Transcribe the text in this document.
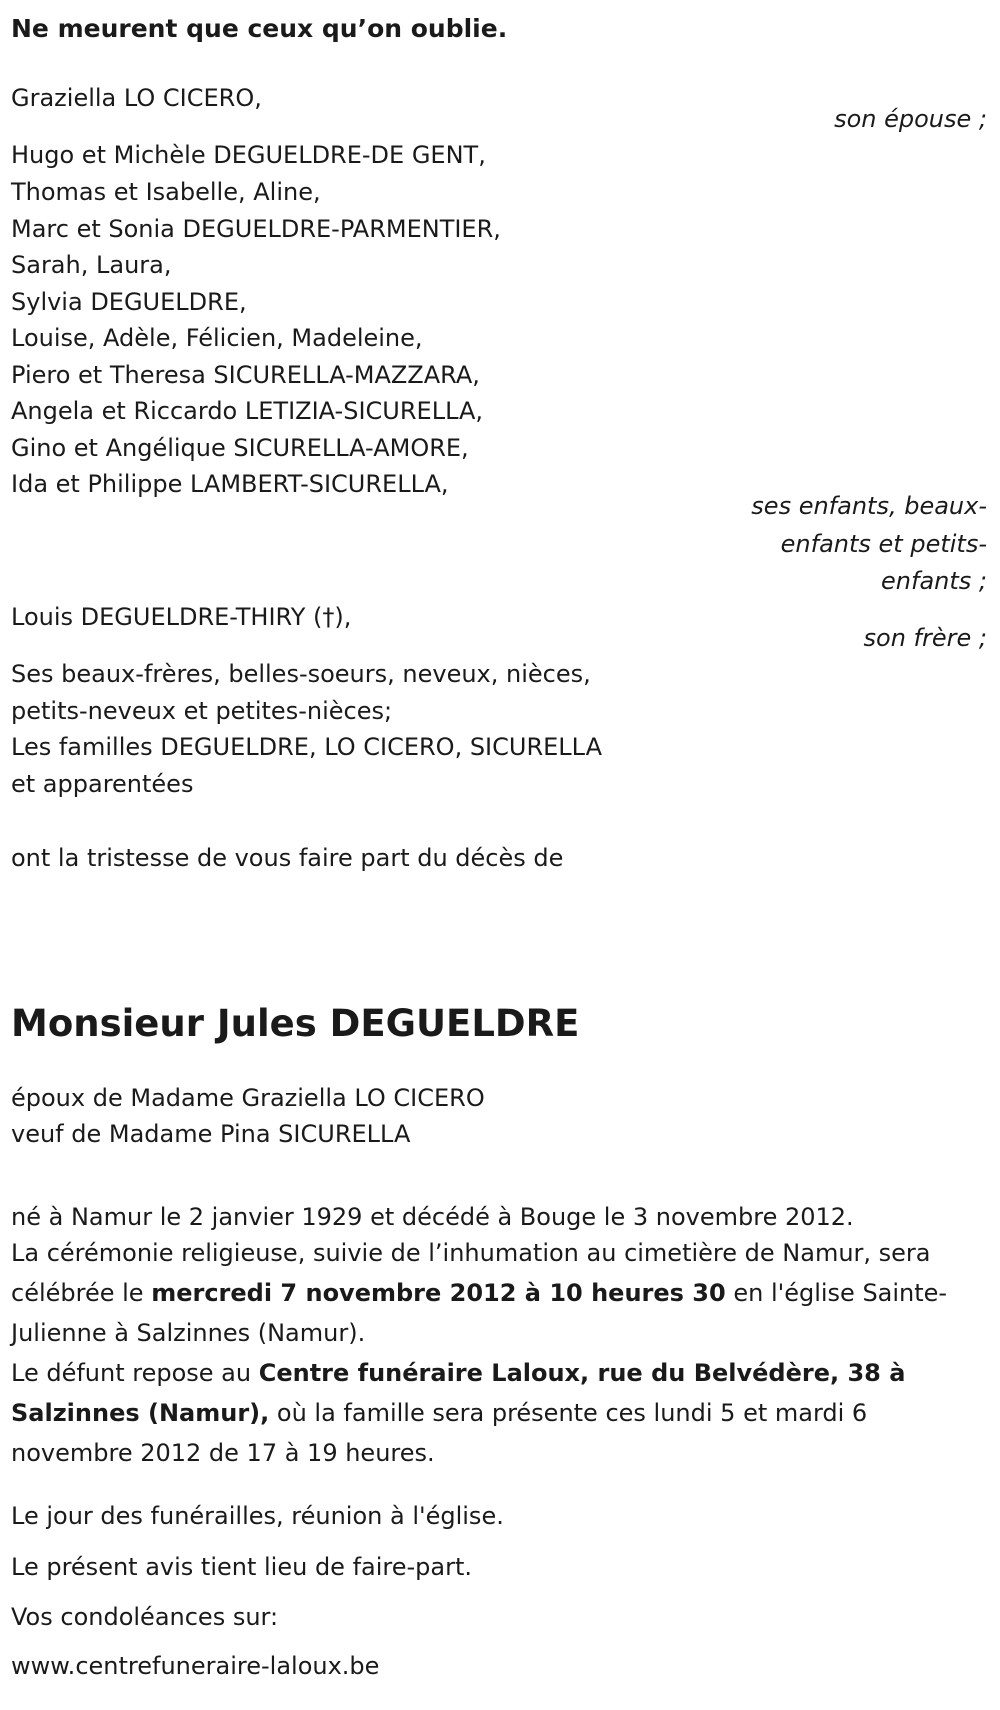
Ne meurent que ceux qu’on oublie.
Graziella LO CICERO,
son épouse ;
Hugo et Michèle DEGUELDRE-DE GENT,
Thomas et Isabelle, Aline,
Marc et Sonia DEGUELDRE-PARMENTIER,
Sarah, Laura,
Sylvia DEGUELDRE,
Louise, Adèle, Félicien, Madeleine,
Piero et Theresa SICURELLA-MAZZARA,
Angela et Riccardo LETIZIA-SICURELLA,
Gino et Angélique SICURELLA-AMORE,
Ida et Philippe LAMBERT-SICURELLA,
ses enfants, beaux-
enfants et petits-
enfants ;
Louis DEGUELDRE-THIRY (†),
son frère ;
Ses beaux-frères, belles-soeurs, neveux, nièces,
petits-neveux et petites-nièces;
Les familles DEGUELDRE, LO CICERO, SICURELLA
et apparentées
ont la tristesse de vous faire part du décès de
Monsieur Jules DEGUELDRE
époux de Madame Graziella LO CICERO
veuf de Madame Pina SICURELLA
né à Namur le 2 janvier 1929 et décédé à Bouge le 3 novembre 2012.
La cérémonie religieuse, suivie de l’inhumation au cimetière de Namur, sera célébrée le mercredi 7 novembre 2012 à 10 heures 30 en l'église Sainte-Julienne à Salzinnes (Namur).
Le défunt repose au Centre funéraire Laloux, rue du Belvédère, 38 à Salzinnes (Namur), où la famille sera présente ces lundi 5 et mardi 6 novembre 2012 de 17 à 19 heures.
Le jour des funérailles, réunion à l'église.
Le présent avis tient lieu de faire-part.
Vos condoléances sur:
www.centrefuneraire-laloux.be
